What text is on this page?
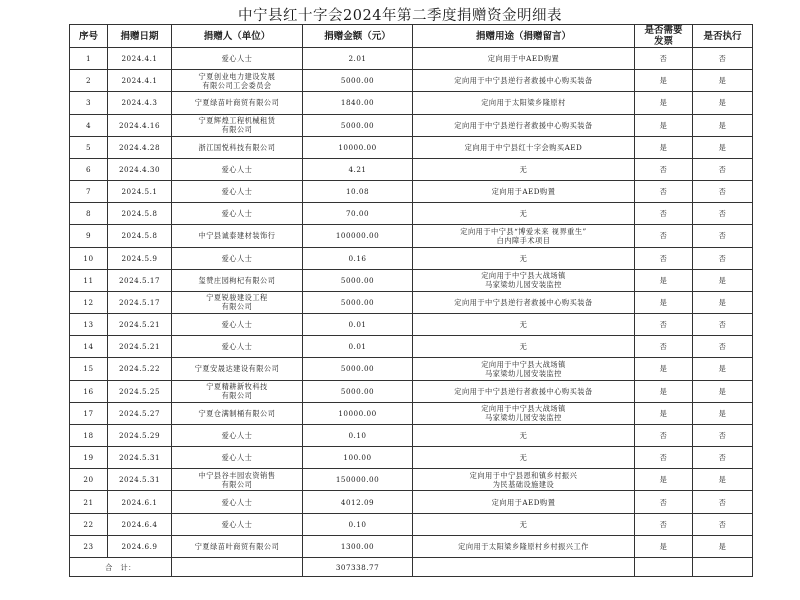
中宁县红十字会2024年第二季度捐赠资金明细表
序号	捐赠日期	捐赠人（单位）	捐赠金额（元）	捐赠用途（捐赠留言）	是否需要
发票	是否执行
1	2024.4.1	爱心人士	2.01	定向用于中AED购置	否	否
2	2024.4.1	宁夏创业电力建设发展
有限公司工会委员会	5000.00	定向用于中宁县逆行者救援中心购买装备	是	是
3	2024.4.3	宁夏绿苗叶商贸有限公司	1840.00	定向用于太阳梁乡隆原村	是	是
4	2024.4.16	宁夏辉煌工程机械租赁
有限公司	5000.00	定向用于中宁县逆行者救援中心购买装备	是	是
5	2024.4.28	浙江国悦科技有限公司	10000.00	定向用于中宁县红十字会购买AED	是	是
6	2024.4.30	爱心人士	4.21	无	否	否
7	2024.5.1	爱心人士	10.08	定向用于AED购置	否	否
8	2024.5.8	爱心人士	70.00	无	否	否
9	2024.5.8	中宁县诚泰建材装饰行	100000.00	定向用于中宁县“博爱未来 视界重生”
白内障手术项目	否	否
10	2024.5.9	爱心人士	0.16	无	否	否
11	2024.5.17	玺赞庄园枸杞有限公司	5000.00	定向用于中宁县大战场镇
马家梁幼儿园安装监控	是	是
12	2024.5.17	宁夏锐骏建设工程
有限公司	5000.00	定向用于中宁县逆行者救援中心购买装备	是	是
13	2024.5.21	爱心人士	0.01	无	否	否
14	2024.5.21	爱心人士	0.01	无	否	否
15	2024.5.22	宁夏安晟达建设有限公司	5000.00	定向用于中宁县大战场镇
马家梁幼儿园安装监控	是	是
16	2024.5.25	宁夏精耕新牧科技
有限公司	5000.00	定向用于中宁县逆行者救援中心购买装备	是	是
17	2024.5.27	宁夏仓满制桶有限公司	10000.00	定向用于中宁县大战场镇
马家梁幼儿园安装监控	是	是
18	2024.5.29	爱心人士	0.10	无	否	否
19	2024.5.31	爱心人士	100.00	无	否	否
20	2024.5.31	中宁县谷丰园农资销售
有限公司	150000.00	定向用于中宁县恩和镇乡村振兴
为民基础设施建设	是	是
21	2024.6.1	爱心人士	4012.09	定向用于AED购置	否	否
22	2024.6.4	爱心人士	0.10	无	否	否
23	2024.6.9	宁夏绿苗叶商贸有限公司	1300.00	定向用于太阳梁乡隆原村乡村振兴工作	是	是
合　计：			307338.77			
